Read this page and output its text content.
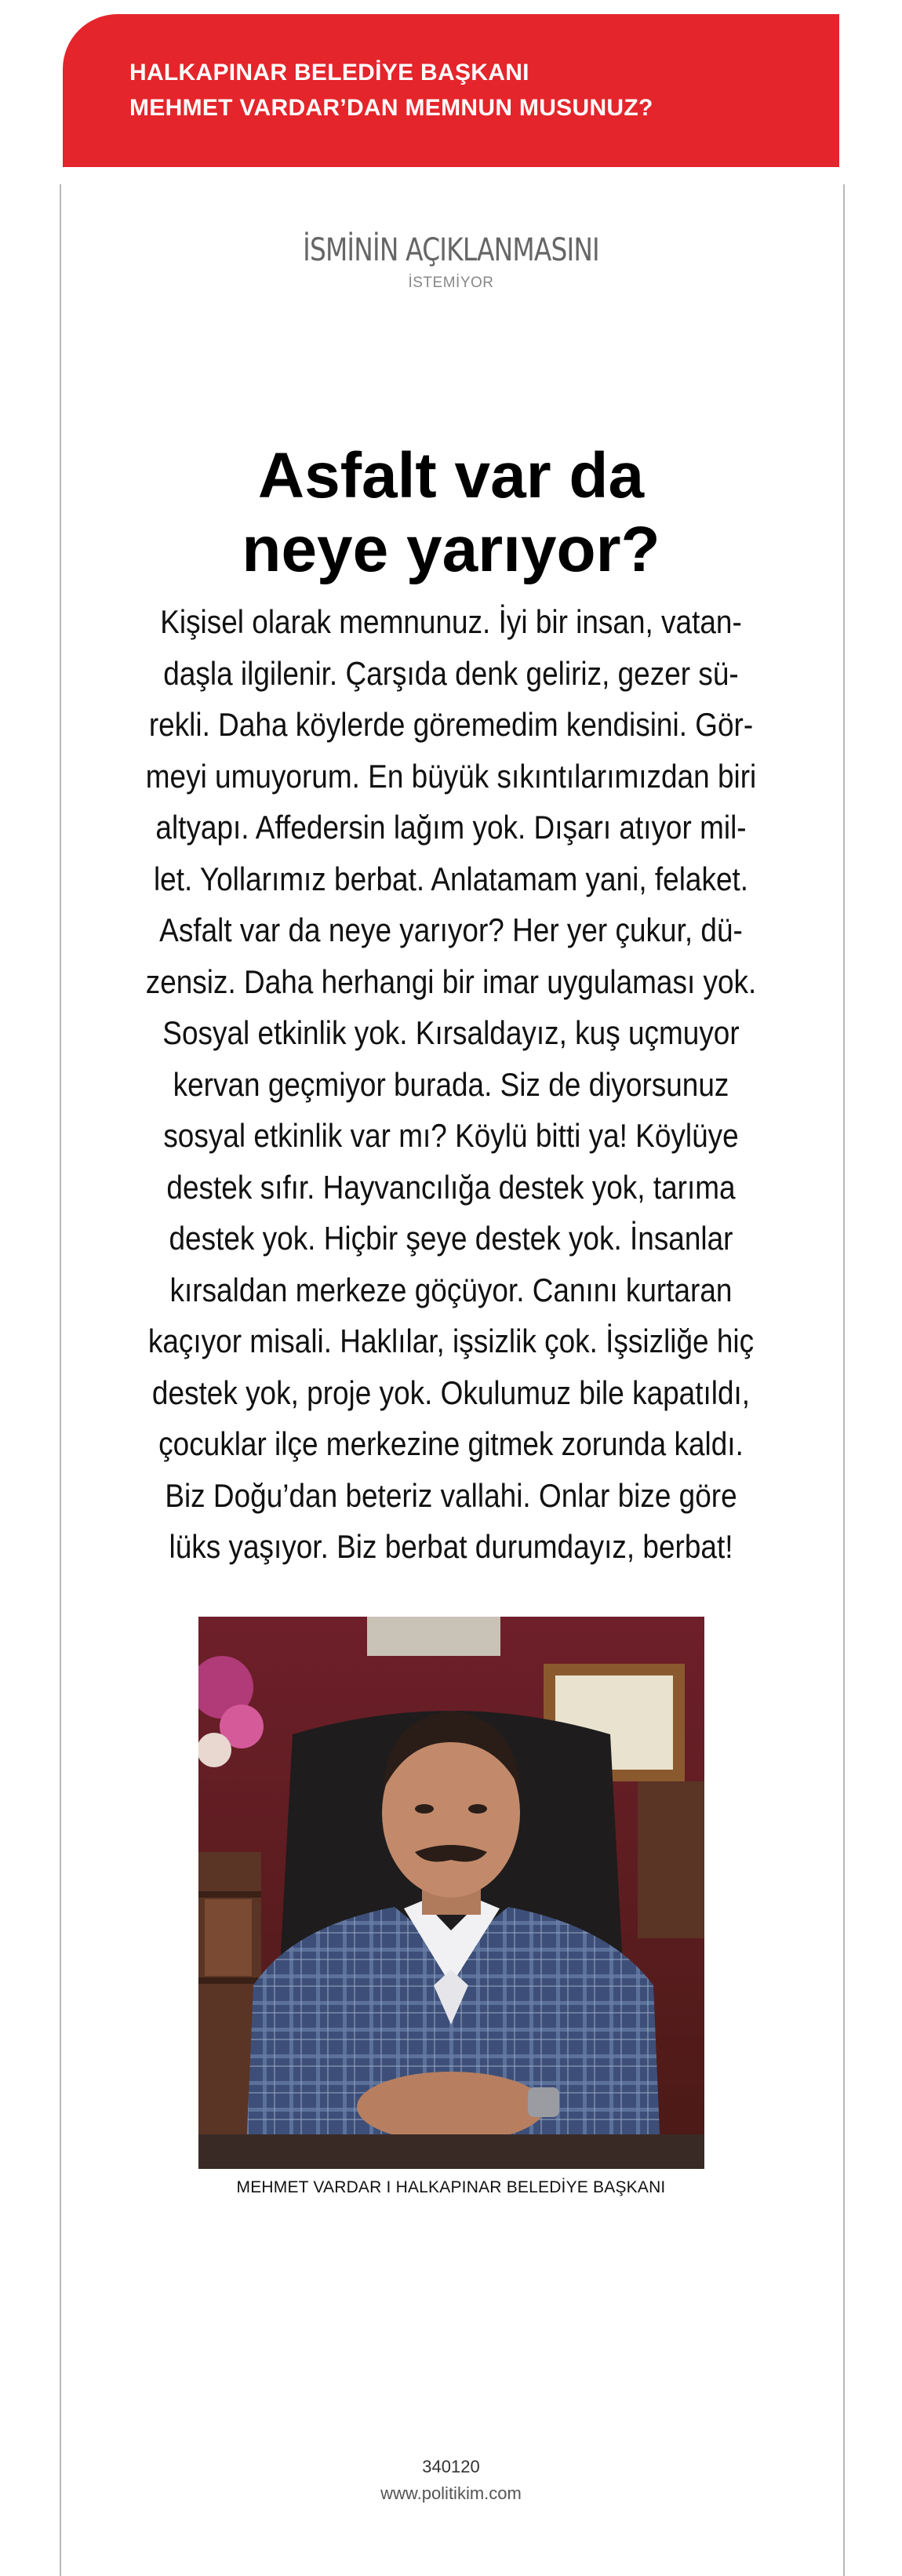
HALKAPINAR BELEDİYE BAŞKANI
MEHMET VARDAR’DAN MEMNUN MUSUNUZ?
İSMİNİN AÇIKLANMASINI
İSTEMİYOR
Asfalt var da
neye yarıyor?

Kişisel olarak memnunuz. İyi bir insan, vatan-

daşla ilgilenir. Çarşıda denk geliriz, gezer sü-

rekli. Daha köylerde göremedim kendisini. Gör-

meyi umuyorum. En büyük sıkıntılarımızdan biri

altyapı. Affedersin lağım yok. Dışarı atıyor mil-

let. Yollarımız berbat. Anlatamam yani, felaket.

Asfalt var da neye yarıyor? Her yer çukur, dü-

zensiz. Daha herhangi bir imar uygulaması yok.

Sosyal etkinlik yok. Kırsaldayız, kuş uçmuyor

kervan geçmiyor burada. Siz de diyorsunuz

sosyal etkinlik var mı? Köylü bitti ya! Köylüye

destek sıfır. Hayvancılığa destek yok, tarıma

destek yok. Hiçbir şeye destek yok. İnsanlar

kırsaldan merkeze göçüyor. Canını kurtaran

kaçıyor misali. Haklılar, işsizlik çok. İşsizliğe hiç

destek yok, proje yok. Okulumuz bile kapatıldı,

çocuklar ilçe merkezine gitmek zorunda kaldı.

Biz Doğu’dan beteriz vallahi. Onlar bize göre

lüks yaşıyor. Biz berbat durumdayız, berbat!

MEHMET VARDAR I HALKAPINAR BELEDİYE BAŞKANI
340120
www.politikim.com
